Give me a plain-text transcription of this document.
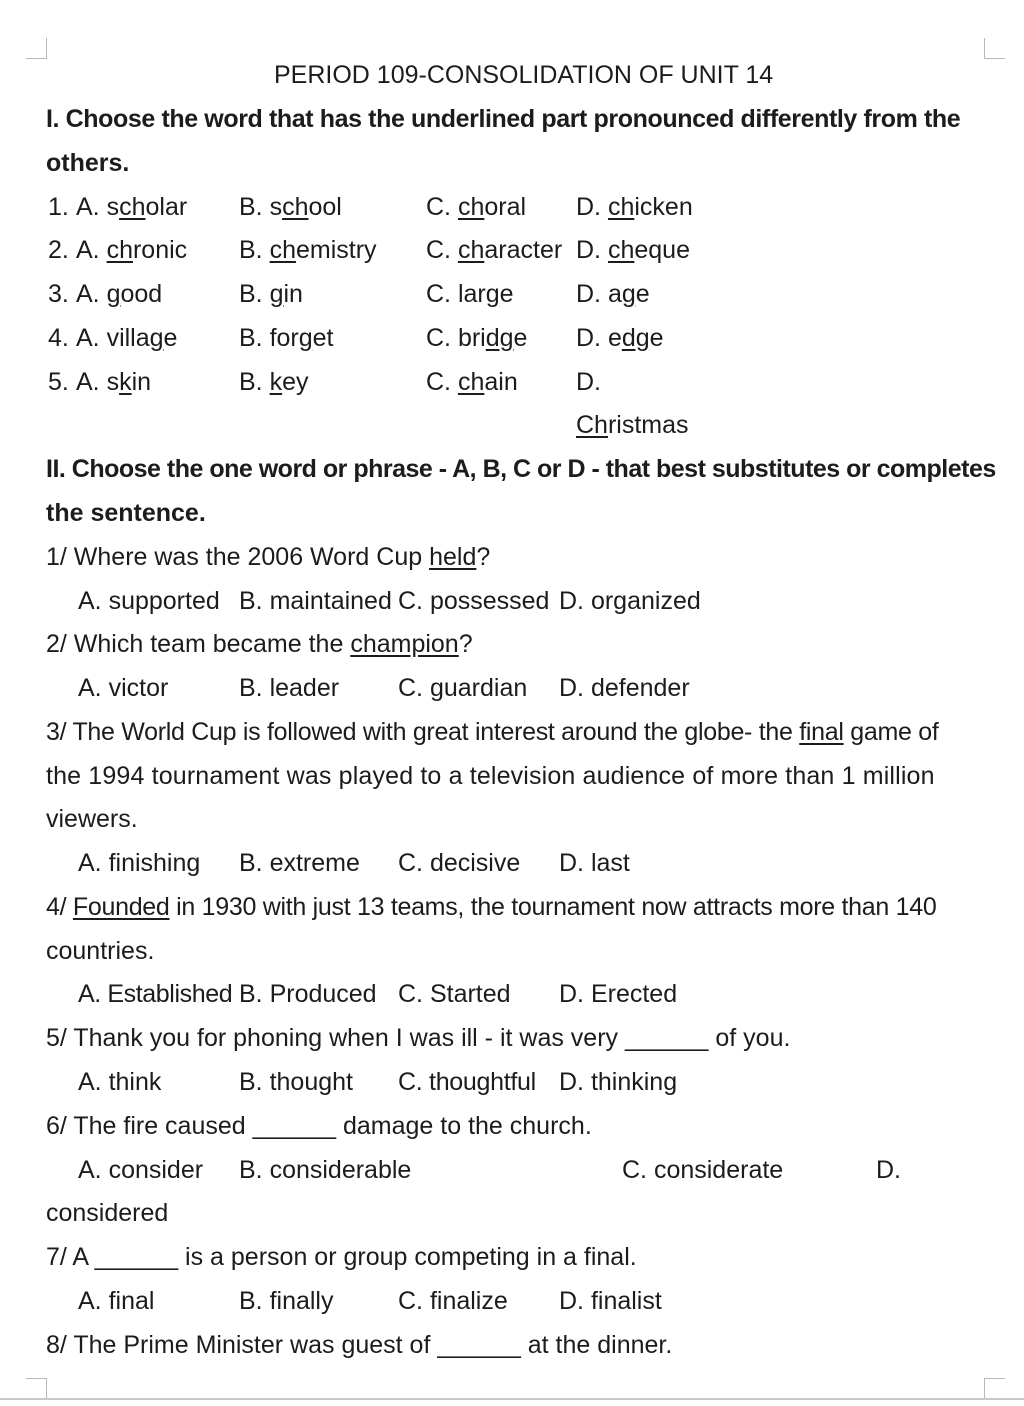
PERIOD 109-CONSOLIDATION OF UNIT 14
I. Choose the word that has the underlined part pronounced differently from the
others.
1. A. scholar B. school	C. choral D. chicken
2. A. chronic B. chemistry C. character D. cheque
3. A. good	B. gin	C. large D. age
4. A. village B. forget	C. bridge D. edge
5. A. skin	B. key	C. chain D.
Christmas
II. Choose the one word or phrase - A, B, C or D - that best substitutes or completes
the sentence.
1/ Where was the 2006 Word Cup held?
A. supported B. maintained C. possessed D. organized
2/ Which team became the champion?
A. victor	B. leader C. guardian D. defender
3/ The World Cup is followed with great interest around the globe- the final game of
the 1994 tournament was played to a television audience of more than 1 million
viewers.
A. finishing B. extreme C. decisive D. last
4/ Founded in 1930 with just 13 teams, the tournament now attracts more than 140
countries.
A. Established B. Produced C. Started D. Erected
5/ Thank you for phoning when I was ill - it was very ______ of you.
A. think	B. thought C. thoughtful D. thinking
6/ The fire caused ______ damage to the church.
A. consider B. considerable	C. considerate	D.
considered
7/ A ______ is a person or group competing in a final.
A. final	B. finally	C. finalize D. finalist
8/ The Prime Minister was guest of ______ at the dinner.
